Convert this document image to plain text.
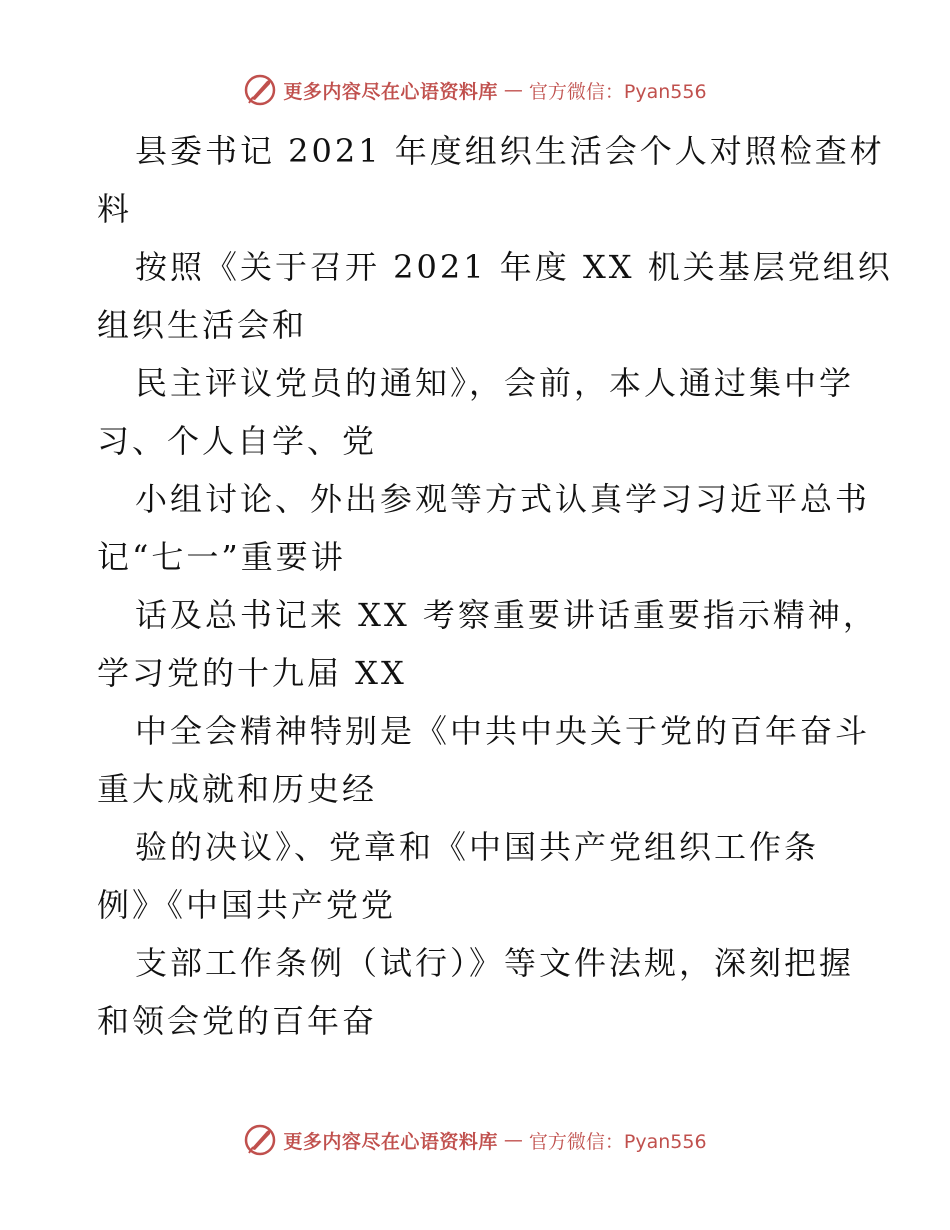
更多内容尽在心语资料库 — 官方微信：Pyan556
县委书记 2021 年度组织生活会个人对照检查材
料
按照《关于召开 2021 年度 XX 机关基层党组织
组织生活会和
民主评议党员的通知》，会前，本人通过集中学
习、个人自学、党
小组讨论、外出参观等方式认真学习习近平总书
记“七一”重要讲
话及总书记来 XX 考察重要讲话重要指示精神，
学习党的十九届 XX
中全会精神特别是《中共中央关于党的百年奋斗
重大成就和历史经
验的决议》、党章和《中国共产党组织工作条
例》《中国共产党党
支部工作条例（试行）》等文件法规，深刻把握
和领会党的百年奋
更多内容尽在心语资料库 — 官方微信：Pyan556
